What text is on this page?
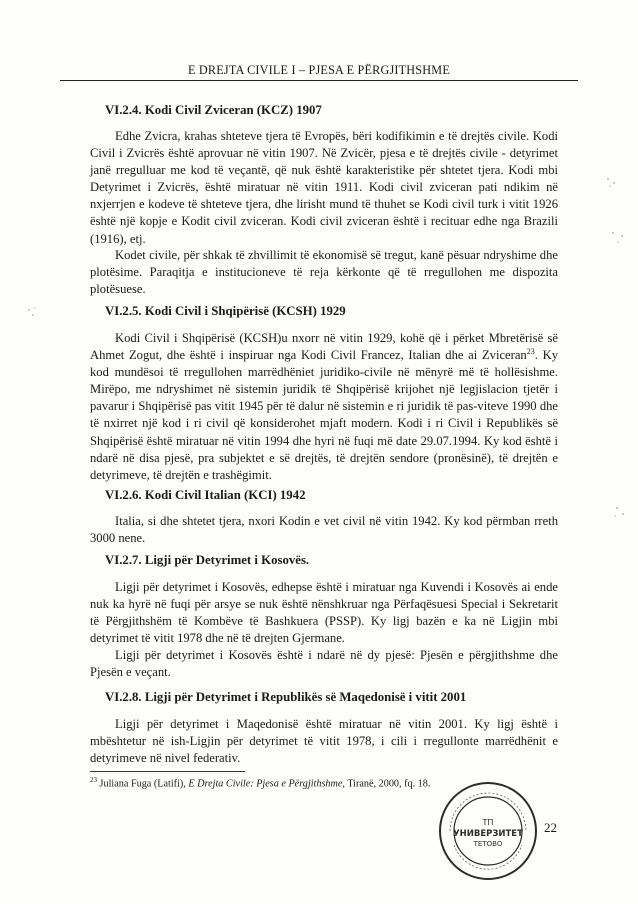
E DREJTA CIVILE I – PJESA E PËRGJITHSHME
VI.2.4. Kodi Civil Zviceran (KCZ) 1907
Edhe Zvicra, krahas shteteve tjera të Evropës, bëri kodifikimin e të drejtës civile. Kodi Civil i Zvicrës është aprovuar në vitin 1907. Në Zvicër, pjesa e të drejtës civile - detyrimet janë rregulluar me kod të veçantë, që nuk është karakteristike për shtetet tjera. Kodi mbi Detyrimet i Zvicrës, është miratuar në vitin 1911. Kodi civil zviceran pati ndikim në nxjerrjen e kodeve të shteteve tjera, dhe lirisht mund të thuhet se Kodi civil turk i vitit 1926 është një kopje e Kodit civil zviceran. Kodi civil zviceran është i recituar edhe nga Brazili (1916), etj.
Kodet civile, për shkak të zhvillimit të ekonomisë së tregut, kanë pësuar ndryshime dhe plotësime. Paraqitja e institucioneve të reja kërkonte që të rregullohen me dispozita plotësuese.
VI.2.5. Kodi Civil i Shqipërisë (KCSH) 1929
Kodi Civil i Shqipërisë (KCSH)u nxorr në vitin 1929, kohë që i përket Mbretërisë së Ahmet Zogut, dhe është i inspiruar nga Kodi Civil Francez, Italian dhe ai Zviceran$^{23}$. Ky kod mundësoi të rregullohen marrëdhëniet juridiko-civile në mënyrë më të hollësishme. Mirëpo, me ndryshimet në sistemin juridik të Shqipërisë krijohet një legjislacion tjetër i pavarur i Shqipërisë pas vitit 1945 për të dalur në sistemin e ri juridik të pas-viteve 1990 dhe të nxirret një kod i ri civil që konsiderohet mjaft modern. Kodi i ri Civil i Republikës së Shqipërisë është miratuar në vitin 1994 dhe hyri në fuqi më date 29.07.1994. Ky kod është i ndarë në disa pjesë, pra subjektet e së drejtës, të drejtën sendore (pronësinë), të drejtën e detyrimeve, të drejtën e trashëgimit.
VI.2.6. Kodi Civil Italian (KCI) 1942
Italia, si dhe shtetet tjera, nxori Kodin e vet civil në vitin 1942. Ky kod përmban rreth 3000 nene.
VI.2.7. Ligji për Detyrimet i Kosovës.
Ligji për detyrimet i Kosovës, edhepse është i miratuar nga Kuvendi i Kosovës ai ende nuk ka hyrë në fuqi për arsye se nuk është nënshkruar nga Përfaqësuesi Special i Sekretarit të Përgjithshëm të Kombëve të Bashkuera (PSSP). Ky ligj bazën e ka në Ligjin mbi detyrimet të vitit 1978 dhe në të drejten Gjermane.
Ligji për detyrimet i Kosovës është i ndarë në dy pjesë: Pjesën e përgjithshme dhe Pjesën e veçant.
VI.2.8. Ligji për Detyrimet i Republikës së Maqedonisë i vitit 2001
Ligji për detyrimet i Maqedonisë është miratuar në vitin 2001. Ky ligj është i mbështetur në ish-Ligjin për detyrimet të vitit 1978, i cili i rregullonte marrëdhënit e detyrimeve në nivel federativ.
$^{23}$ Juliana Fuga (Latifi), E Drejta Civile: Pjesa e Përgjithshme, Tiranë, 2000, fq. 18.
ТП
УНИВЕРЗИТЕТ
ТЕТОВО
22
